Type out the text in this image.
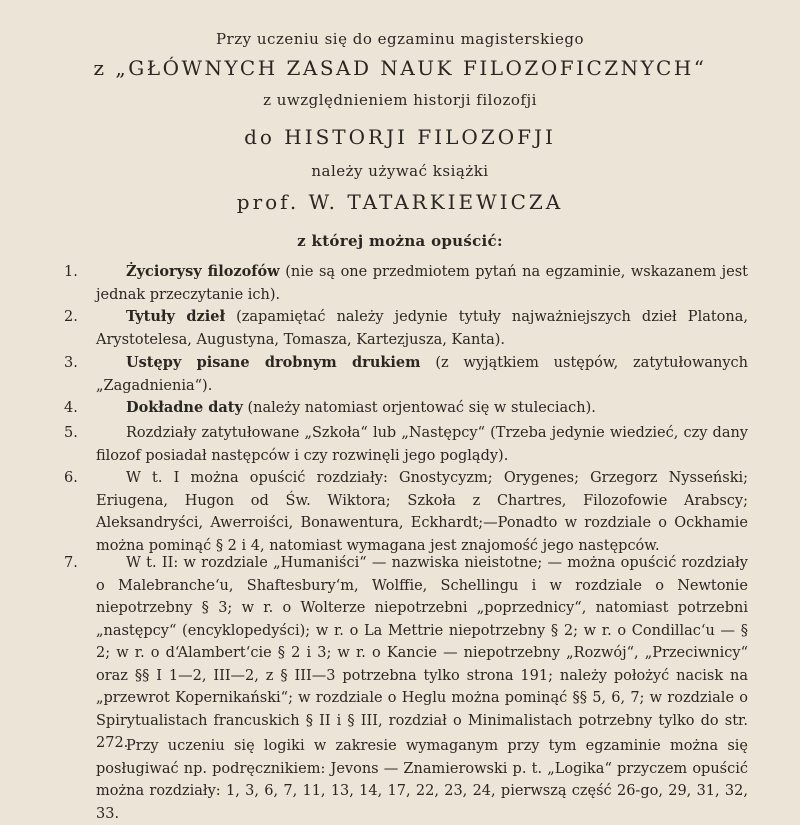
Przy uczeniu się do egzaminu magisterskiego
z „GŁÓWNYCH ZASAD NAUK FILOZOFICZNYCH“
z uwzględnieniem historji filozofji
do HISTORJI FILOZOFJI
należy używać książki
prof. W. TATARKIEWICZA
z której można opuścić:
1.	Życiorysy filozofów (nie są one przedmiotem pytań na egzaminie, wskazanem jest jednak przeczytanie ich).
2.	Tytuły dzieł (zapamiętać należy jedynie tytuły najważniejszych dzieł Platona, Arystotelesa, Augustyna, Tomasza, Kartezjusza, Kanta).
3.	Ustępy pisane drobnym drukiem (z wyjątkiem ustępów, zatytułowanych „Zagadnienia“).
4.	Dokładne daty (należy natomiast orjentować się w stuleciach).
5.	Rozdziały zatytułowane „Szkoła“ lub „Następcy“ (Trzeba jedynie wiedzieć, czy dany filozof posiadał następców i czy rozwinęli jego poglądy).
6.	W t. I można opuścić rozdziały: Gnostycyzm; Orygenes; Grzegorz Nysseński; Eriugena, Hugon od Św. Wiktora; Szkoła z Chartres, Filozofowie Arabscy; Aleksandryści, Awerroiści, Bonawentura, Eckhardt;—Ponadto w rozdziale o Ockhamie można pominąć § 2 i 4, natomiast wymagana jest znajomość jego następców.
7.	W t. II: w rozdziale „Humaniści“ — nazwiska nieistotne; — można opuścić rozdziały o Malebranche‘u, Shaftesbury‘m, Wolffie, Schellingu i w rozdziale o Newtonie niepotrzebny § 3; w r. o Wolterze niepotrzebni „poprzednicy“, natomiast potrzebni „następcy“ (encyklopedyści); w r. o La Mettrie niepotrzebny § 2; w r. o Condillac‘u — § 2; w r. o d‘Alambert‘cie § 2 i 3; w r. o Kancie — niepotrzebny „Rozwój“, „Przeciwnicy“ oraz §§ I 1—2, III—2, z § III—3 potrzebna tylko strona 191; należy położyć nacisk na „przewrot Kopernikański“; w rozdziale o Heglu można pominąć §§ 5, 6, 7; w rozdziale o Spirytualistach francuskich § II i § III, rozdział o Minimalistach potrzebny tylko do str. 272.
Przy uczeniu się logiki w zakresie wymaganym przy tym egzaminie można się posługiwać np. podręcznikiem: Jevons — Znamierowski p. t. „Logika“ przyczem opuścić można rozdziały: 1, 3, 6, 7, 11, 13, 14, 17, 22, 23, 24, pierwszą część 26-go, 29, 31, 32, 33.
